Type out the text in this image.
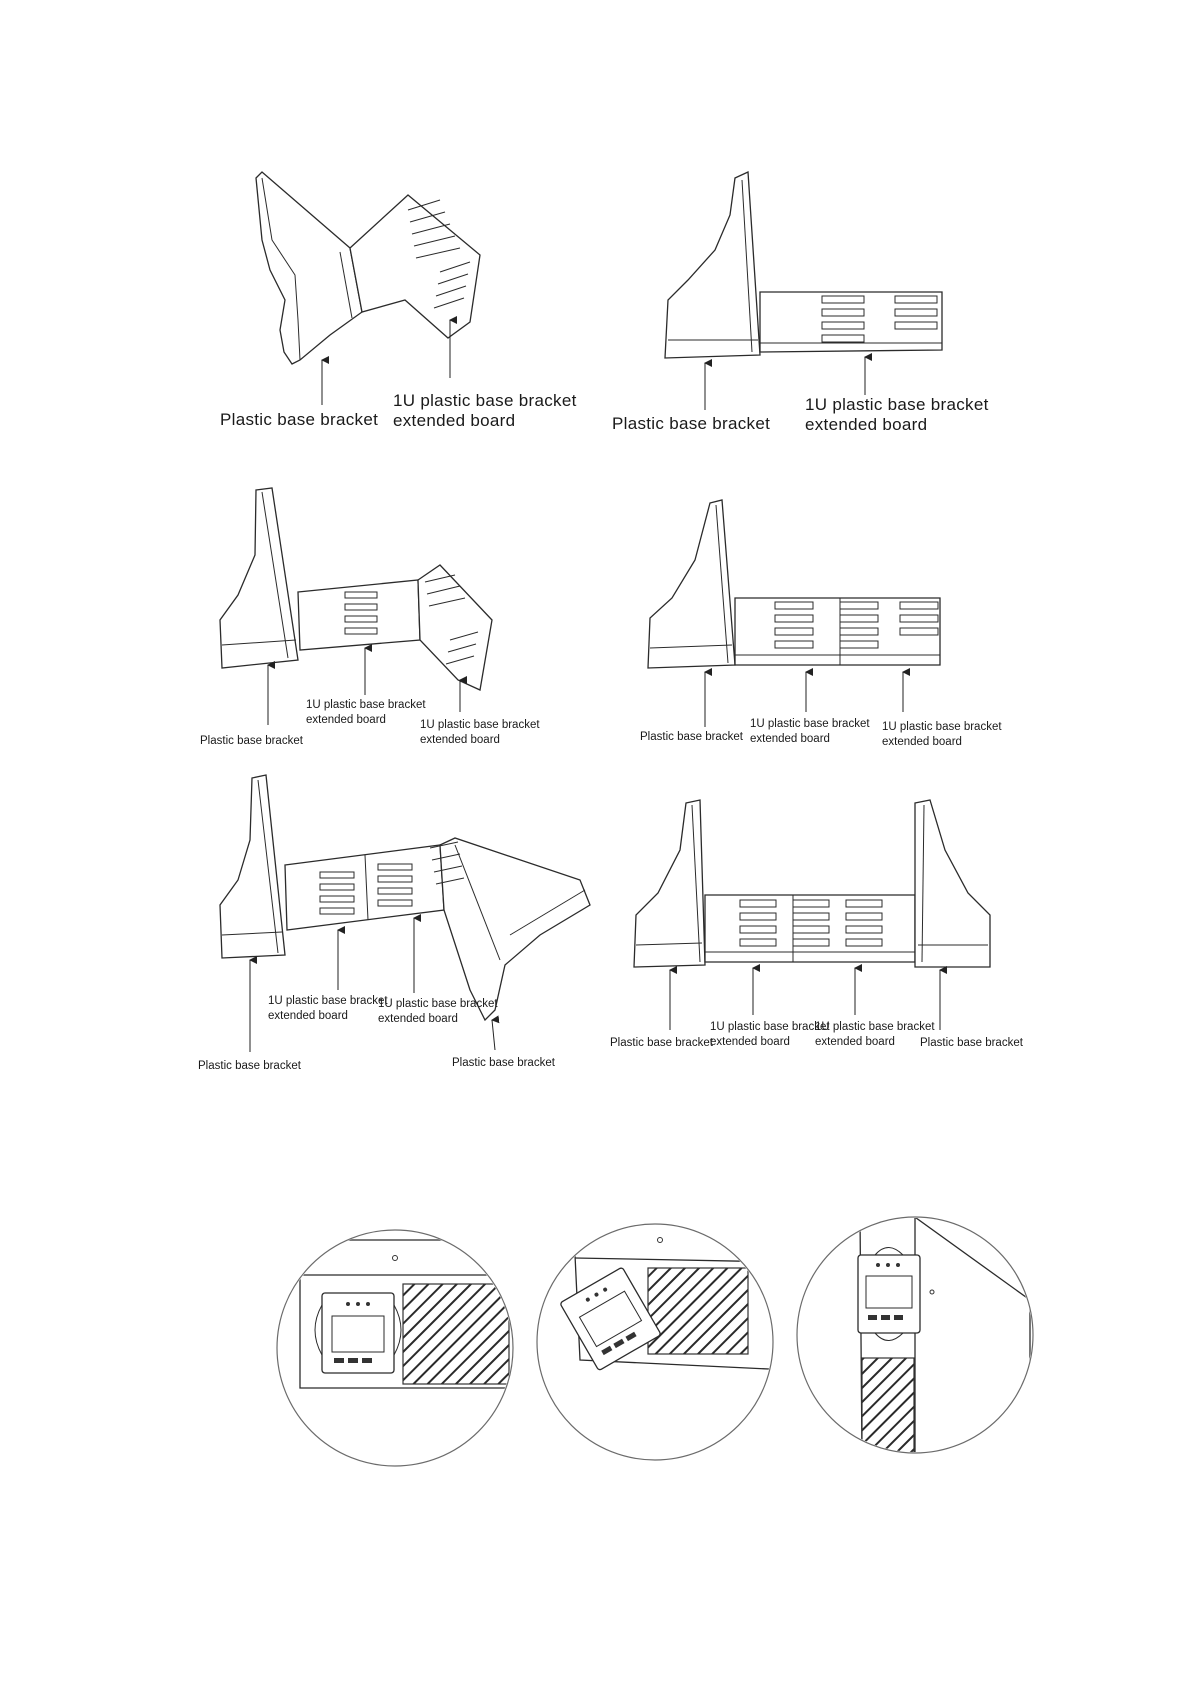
Plastic base bracket
1U plastic base bracket
extended board	Plastic base bracket
1U plastic base bracket
extended board
Plastic base bracket
1U plastic base bracket
extended board	1U plastic base bracket
extended board	Plastic base bracket
1U plastic base bracket
extended board
1U plastic base bracket
extended board
1U plastic base bracket
extended board
1U plastic base bracket
extended board
Plastic base bracket	Plastic base bracket
Plastic base bracket
1U plastic base bracket
extended board
1U plastic base bracket
extended board Plastic base bracket
